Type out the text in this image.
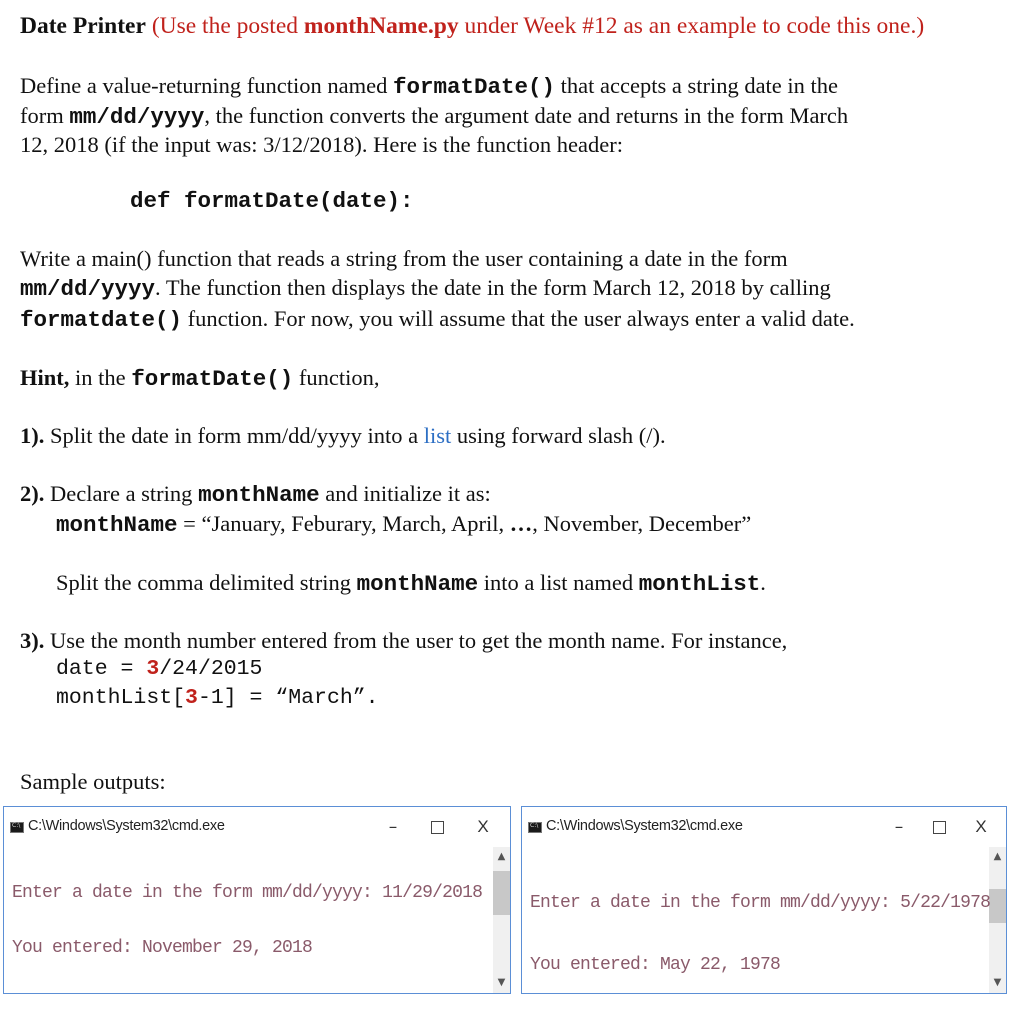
Date Printer (Use the posted monthName.py under Week #12 as an example to code this one.)
Define a value-returning function named formatDate() that accepts a string date in the
form mm/dd/yyyy, the function converts the argument date and returns in the form March
12, 2018 (if the input was: 3/12/2018). Here is the function header:
def formatDate(date):
Write a main() function that reads a string from the user containing a date in the form
mm/dd/yyyy. The function then displays the date in the form March 12, 2018 by calling
formatdate() function. For now, you will assume that the user always enter a valid date.
Hint, in the formatDate() function,
1). Split the date in form mm/dd/yyyy into a list using forward slash (/).
2). Declare a string monthName and initialize it as:
monthName = “January, Feburary, March, April, …, November, December”
Split the comma delimited string monthName into a list named monthList.
3). Use the month number entered from the user to get the month name. For instance,
date = 3/24/2015
monthList[3-1] = “March”.
Sample outputs:
C:\
C:\Windows\System32\cmd.exe	–	X
▲
▼
Enter a date in the form mm/dd/yyyy: 11/29/2018
You entered: November 29, 2018
C:\
C:\Windows\System32\cmd.exe	–	X
▲
▼
Enter a date in the form mm/dd/yyyy: 5/22/1978
You entered: May 22, 1978
